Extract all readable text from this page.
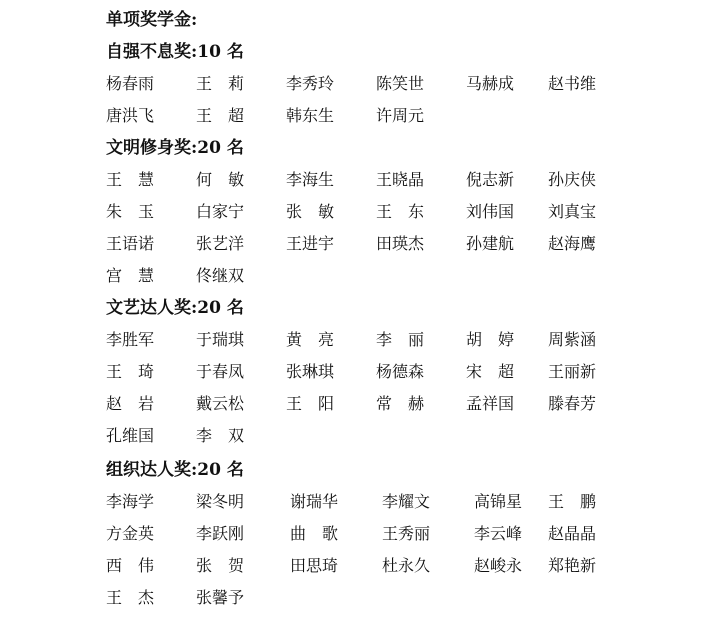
单项奖学金:
自强不息奖:10 名
文明修身奖:20 名
文艺达人奖:20 名
组织达人奖:20 名
杨春雨	王　莉	李秀玲	陈笑世	马赫成 赵书维
唐洪飞	王　超	韩东生	许周元
王　慧	何　敏	李海生	王晓晶	倪志新 孙庆侠
朱　玉	白家宁	张　敏	王　东	刘伟国 刘真宝
王语诺	张艺洋	王进宇	田瑛杰	孙建航 赵海鹰
宫　慧	佟继双
李胜军	于瑞琪	黄　亮	李　丽	胡　婷 周紫涵
王　琦	于春凤	张琳琪	杨德森	宋　超 王丽新
赵　岩	戴云松	王　阳	常　赫	孟祥国 滕春芳
孔维国	李　双
李海学	梁冬明	谢瑞华	李耀文	高锦星 王　鹏
方金英	李跃刚	曲　歌	王秀丽	李云峰 赵晶晶
西　伟	张　贺	田思琦	杜永久	赵峻永 郑艳新
王　杰	张馨予
